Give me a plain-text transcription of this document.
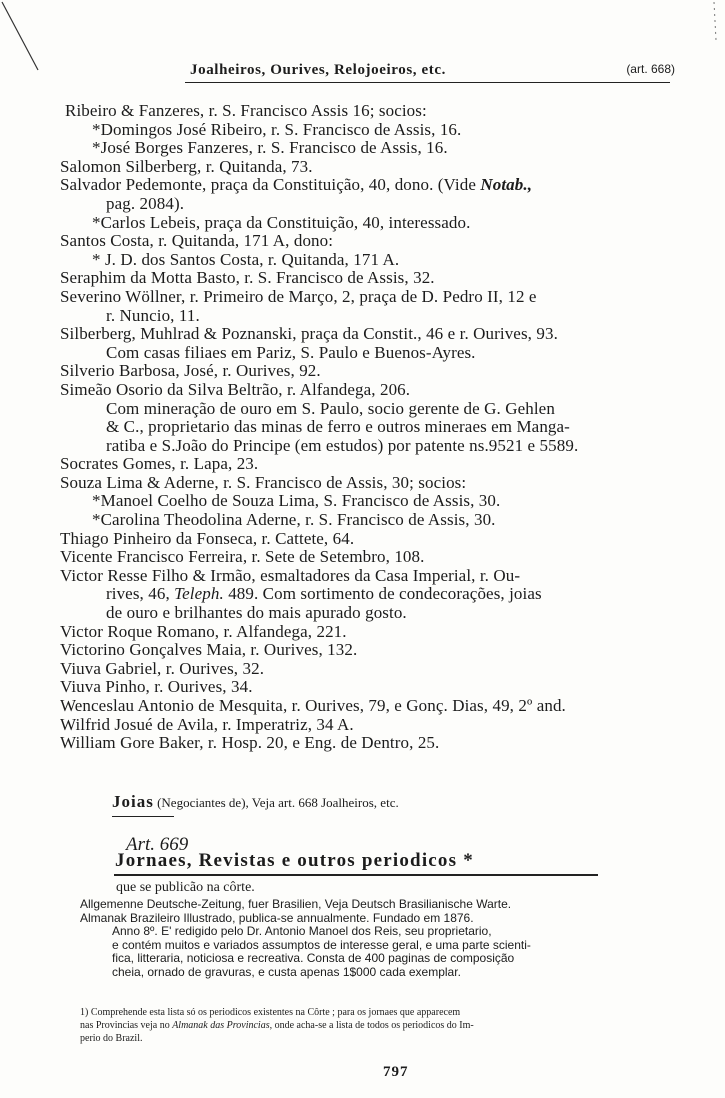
Joalheiros, Ourives, Relojoeiros, etc.	(art. 668)
Ribeiro & Fanzeres, r. S. Francisco Assis 16; socios:
*Domingos José Ribeiro, r. S. Francisco de Assis, 16.
*José Borges Fanzeres, r. S. Francisco de Assis, 16.
Salomon Silberberg, r. Quitanda, 73.
Salvador Pedemonte, praça da Constituição, 40, dono. (Vide Notab.,
pag. 2084).
*Carlos Lebeis, praça da Constituição, 40, interessado.
Santos Costa, r. Quitanda, 171 A, dono:
* J. D. dos Santos Costa, r. Quitanda, 171 A.
Seraphim da Motta Basto, r. S. Francisco de Assis, 32.
Severino Wöllner, r. Primeiro de Março, 2, praça de D. Pedro II, 12 e
r. Nuncio, 11.
Silberberg, Muhlrad & Poznanski, praça da Constit., 46 e r. Ourives, 93.
Com casas filiaes em Pariz, S. Paulo e Buenos-Ayres.
Silverio Barbosa, José, r. Ourives, 92.
Simeão Osorio da Silva Beltrão, r. Alfandega, 206.
Com mineração de ouro em S. Paulo, socio gerente de G. Gehlen
& C., proprietario das minas de ferro e outros mineraes em Manga-
ratiba e S.João do Principe (em estudos) por patente ns.9521 e 5589.
Socrates Gomes, r. Lapa, 23.
Souza Lima & Aderne, r. S. Francisco de Assis, 30; socios:
*Manoel Coelho de Souza Lima, S. Francisco de Assis, 30.
*Carolina Theodolina Aderne, r. S. Francisco de Assis, 30.
Thiago Pinheiro da Fonseca, r. Cattete, 64.
Vicente Francisco Ferreira, r. Sete de Setembro, 108.
Victor Resse Filho & Irmão, esmaltadores da Casa Imperial, r. Ou-
rives, 46, Teleph. 489. Com sortimento de condecorações, joias
de ouro e brilhantes do mais apurado gosto.
Victor Roque Romano, r. Alfandega, 221.
Victorino Gonçalves Maia, r. Ourives, 132.
Viuva Gabriel, r. Ourives, 32.
Viuva Pinho, r. Ourives, 34.
Wenceslau Antonio de Mesquita, r. Ourives, 79, e Gonç. Dias, 49, 2º and.
Wilfrid Josué de Avila, r. Imperatriz, 34 A.
William Gore Baker, r. Hosp. 20, e Eng. de Dentro, 25.
Joias (Negociantes de), Veja art. 668 Joalheiros, etc.
Art. 669
Jornaes, Revistas e outros periodicos *
que se publicão na côrte.
Allgemenne Deutsche-Zeitung, fuer Brasilien, Veja Deutsch Brasilianische Warte.
Almanak Brazileiro Illustrado, publica-se annualmente. Fundado em 1876.
Anno 8º. E' redigido pelo Dr. Antonio Manoel dos Reis, seu proprietario,
e contém muitos e variados assumptos de interesse geral, e uma parte scienti-
fica, litteraria, noticiosa e recreativa. Consta de 400 paginas de composição
cheia, ornado de gravuras, e custa apenas 1$000 cada exemplar.
1) Comprehende esta lista só os periodicos existentes na Côrte ; para os jornaes que apparecem
nas Provincias veja no Almanak das Provincias, onde acha-se a lista de todos os periodicos do Im-
perio do Brazil.
797
